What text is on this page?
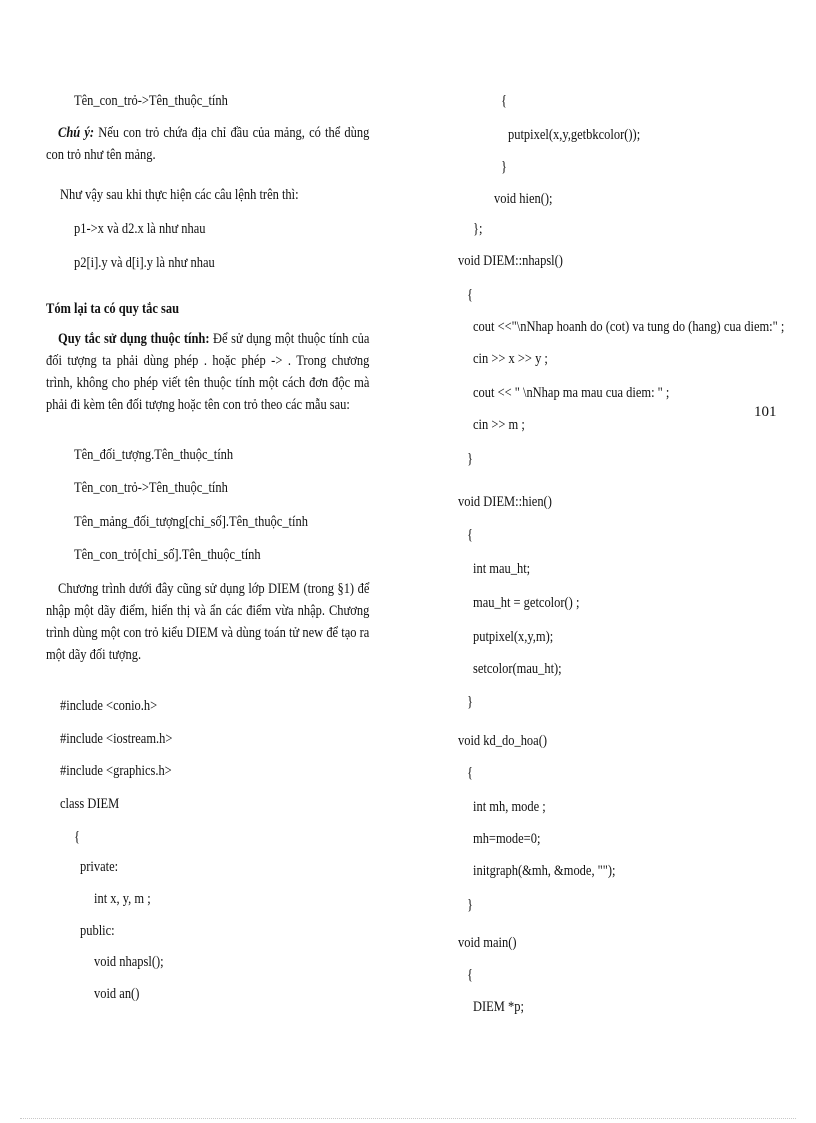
Tên_con_trỏ->Tên_thuộc_tính
Chú ý: Nếu con trỏ chứa địa chỉ đầu của mảng, có thể dùng con trỏ như tên mảng.
Như vậy sau khi thực hiện các câu lệnh trên thì:
p1->x và d2.x là như nhau
p2[i].y và d[i].y là như nhau
Tóm lại ta có quy tắc sau
Quy tắc sử dụng thuộc tính: Để sử dụng một thuộc tính của đối tượng ta phải dùng phép . hoặc phép -> . Trong chương trình, không cho phép viết tên thuộc tính một cách đơn độc mà phải đi kèm tên đối tượng hoặc tên con trỏ theo các mẫu sau:
Tên_đối_tượng.Tên_thuộc_tính
Tên_con_trỏ->Tên_thuộc_tính
Tên_mảng_đối_tượng[chỉ_số].Tên_thuộc_tính
Tên_con_trỏ[chỉ_số].Tên_thuộc_tính
Chương trình dưới đây cũng sử dụng lớp DIEM (trong §1) để nhập một dãy điểm, hiển thị và ẩn các điểm vừa nhập. Chương trình dùng một con trỏ kiểu DIEM và dùng toán tử new để tạo ra một dãy đối tượng.
#include <conio.h>
#include <iostream.h>
#include <graphics.h>
class DIEM
{
private:
int x, y, m ;
public:
void nhapsl();
void an()
{
putpixel(x,y,getbkcolor());
}
void hien();
};
void DIEM::nhapsl()
{
cout <<"\nNhap hoanh do (cot) va tung do (hang) cua diem:" ;
cin >> x >> y ;
cout << " \nNhap ma mau cua diem: " ;
cin >> m ;
}
void DIEM::hien()
{
int mau_ht;
mau_ht = getcolor() ;
putpixel(x,y,m);
setcolor(mau_ht);
}
void kd_do_hoa()
{
int mh, mode ;
mh=mode=0;
initgraph(&mh, &mode, "");
}
void main()
{
DIEM *p;
101
